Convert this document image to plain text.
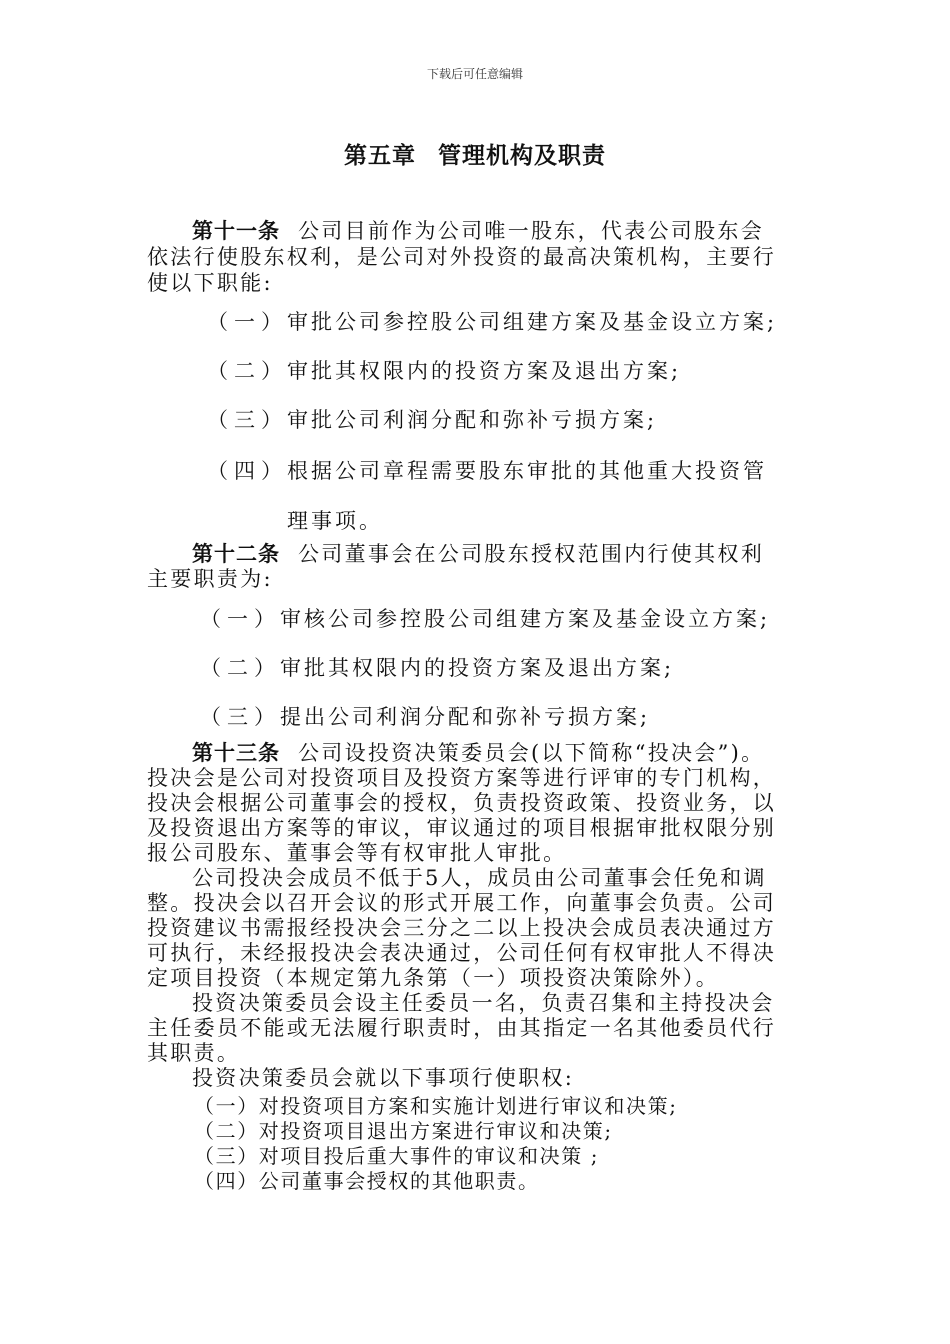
下载后可任意编辑
第五章 管理机构及职责
第十一条 公司目前作为公司唯一股东，代表公司股东会
依法行使股东权利，是公司对外投资的最高决策机构，主要行
使以下职能:
（一）审批公司参控股公司组建方案及基金设立方案;
（二）审批其权限内的投资方案及退出方案;
（三）审批公司利润分配和弥补亏损方案;
（四）根据公司章程需要股东审批的其他重大投资管
理事项。
第十二条 公司董事会在公司股东授权范围内行使其权利
主要职责为:
（一）审核公司参控股公司组建方案及基金设立方案;
（二）审批其权限内的投资方案及退出方案;
（三）提出公司利润分配和弥补亏损方案;
第十三条 公司设投资决策委员会(以下简称“投决会”)。
投决会是公司对投资项目及投资方案等进行评审的专门机构，
投决会根据公司董事会的授权，负责投资政策、投资业务，以
及投资退出方案等的审议，审议通过的项目根据审批权限分别
报公司股东、董事会等有权审批人审批。
公司投决会成员不低于5人，成员由公司董事会任免和调
整。投决会以召开会议的形式开展工作，向董事会负责。公司
投资建议书需报经投决会三分之二以上投决会成员表决通过方
可执行，未经报投决会表决通过，公司任何有权审批人不得决
定项目投资（本规定第九条第（一）项投资决策除外）。
投资决策委员会设主任委员一名，负责召集和主持投决会
主任委员不能或无法履行职责时，由其指定一名其他委员代行
其职责。
投资决策委员会就以下事项行使职权:
（一）对投资项目方案和实施计划进行审议和决策;
（二）对投资项目退出方案进行审议和决策;
（三）对项目投后重大事件的审议和决策 ;
（四）公司董事会授权的其他职责。
